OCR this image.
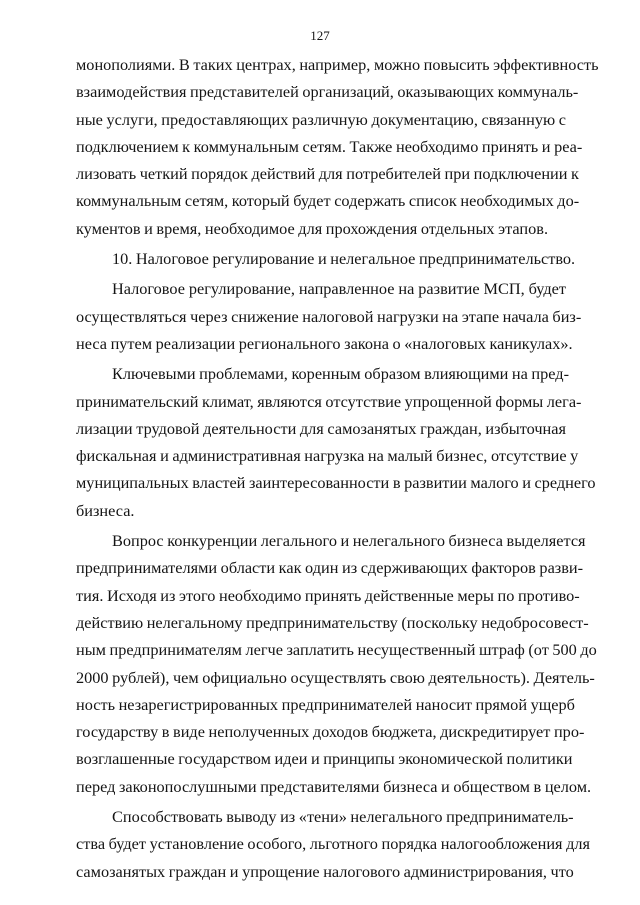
127
монополиями. В таких центрах, например, можно повысить эффективность
взаимодействия представителей организаций, оказывающих коммуналь-
ные услуги, предоставляющих различную документацию, связанную с
подключением к коммунальным сетям. Также необходимо принять и реа-
лизовать четкий порядок действий для потребителей при подключении к
коммунальным сетям, который будет содержать список необходимых до-
кументов и время, необходимое для прохождения отдельных этапов.
10. Налоговое регулирование и нелегальное предпринимательство.
Налоговое регулирование, направленное на развитие МСП, будет
осуществляться через снижение налоговой нагрузки на этапе начала биз-
неса путем реализации регионального закона о «налоговых каникулах».
Ключевыми проблемами, коренным образом влияющими на пред-
принимательский климат, являются отсутствие упрощенной формы лега-
лизации трудовой деятельности для самозанятых граждан, избыточная
фискальная и административная нагрузка на малый бизнес, отсутствие у
муниципальных властей заинтересованности в развитии малого и среднего
бизнеса.
Вопрос конкуренции легального и нелегального бизнеса выделяется
предпринимателями области как один из сдерживающих факторов разви-
тия. Исходя из этого необходимо принять действенные меры по противо-
действию нелегальному предпринимательству (поскольку недобросовест-
ным предпринимателям легче заплатить несущественный штраф (от 500 до
2000 рублей), чем официально осуществлять свою деятельность). Деятель-
ность незарегистрированных предпринимателей наносит прямой ущерб
государству в виде неполученных доходов бюджета, дискредитирует про-
возглашенные государством идеи и принципы экономической политики
перед законопослушными представителями бизнеса и обществом в целом.
Способствовать выводу из «тени» нелегального предприниматель-
ства будет установление особого, льготного порядка налогообложения для
самозанятых граждан и упрощение налогового администрирования, что
